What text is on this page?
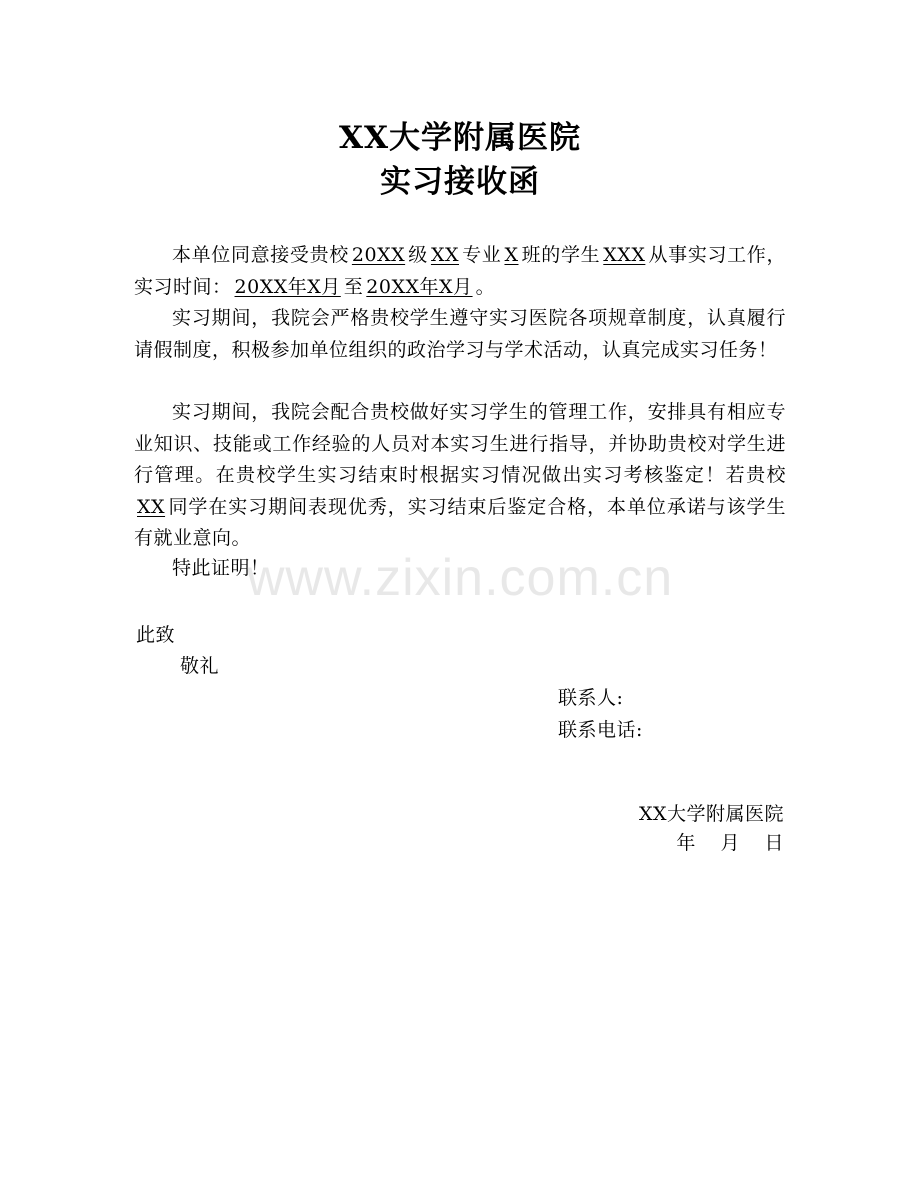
XX大学附属医院
实习接收函
本单位同意接受贵校 20XX 级 XX 专业 X 班的学生 XXX 从事实习工作，实习时间： 20XX年X月 至 20XX年X月 。
实习期间，我院会严格贵校学生遵守实习医院各项规章制度，认真履行请假制度，积极参加单位组织的政治学习与学术活动，认真完成实习任务！
实习期间，我院会配合贵校做好实习学生的管理工作，安排具有相应专业知识、技能或工作经验的人员对本实习生进行指导，并协助贵校对学生进行管理。在贵校学生实习结束时根据实习情况做出实习考核鉴定！若贵校XX 同学在实习期间表现优秀，实习结束后鉴定合格，本单位承诺与该学生有就业意向。
特此证明！
此致
敬礼
联系人:
联系电话:
XX大学附属医院
年 月 日
www.zixin.com.cn
